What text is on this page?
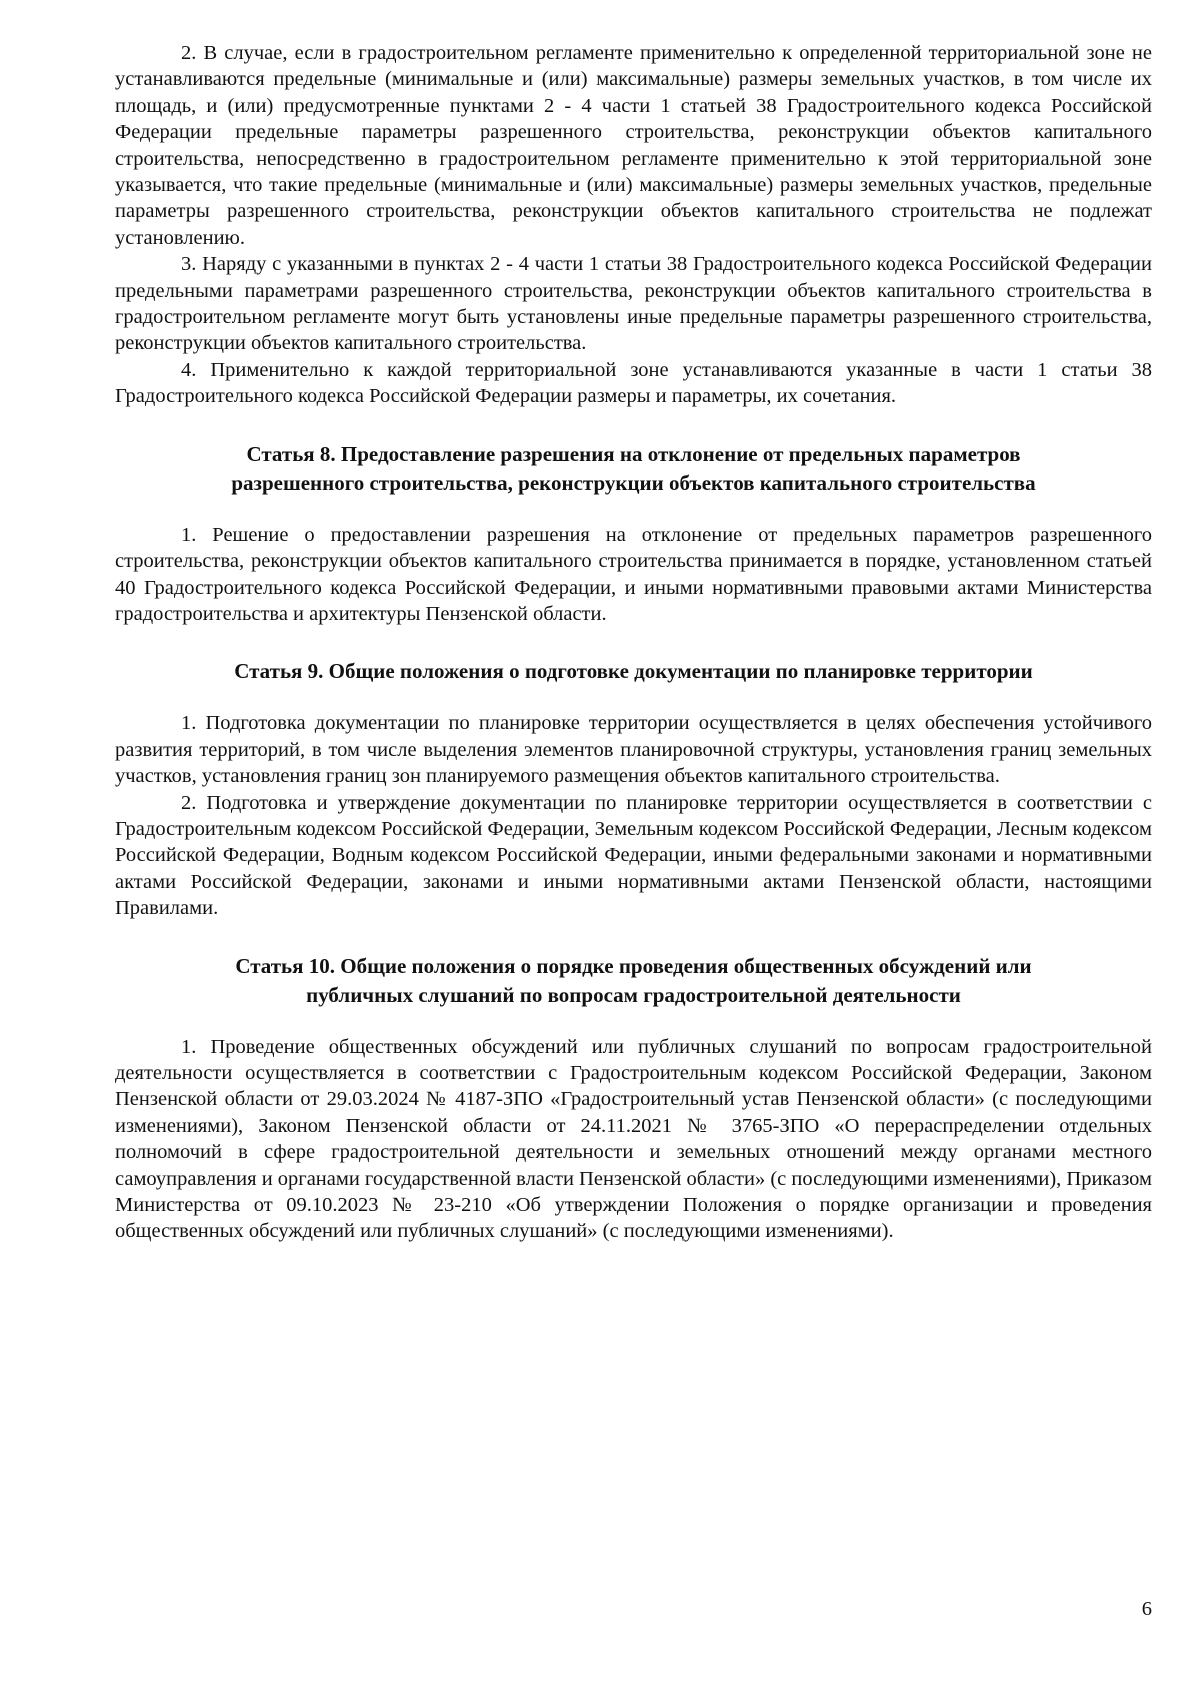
2. В случае, если в градостроительном регламенте применительно к определенной территориальной зоне не устанавливаются предельные (минимальные и (или) максимальные) размеры земельных участков, в том числе их площадь, и (или) предусмотренные пунктами 2 - 4 части 1 статьей 38 Градостроительного кодекса Российской Федерации предельные параметры разрешенного строительства, реконструкции объектов капитального строительства, непосредственно в градостроительном регламенте применительно к этой территориальной зоне указывается, что такие предельные (минимальные и (или) максимальные) размеры земельных участков, предельные параметры разрешенного строительства, реконструкции объектов капитального строительства не подлежат установлению.

3. Наряду с указанными в пунктах 2 - 4 части 1 статьи 38 Градостроительного кодекса Российской Федерации предельными параметрами разрешенного строительства, реконструкции объектов капитального строительства в градостроительном регламенте могут быть установлены иные предельные параметры разрешенного строительства, реконструкции объектов капитального строительства.

4. Применительно к каждой территориальной зоне устанавливаются указанные в части 1 статьи 38 Градостроительного кодекса Российской Федерации размеры и параметры, их сочетания.

Статья 8. Предоставление разрешения на отклонение от предельных параметров
разрешенного строительства, реконструкции объектов капитального строительства

1. Решение о предоставлении разрешения на отклонение от предельных параметров разрешенного строительства, реконструкции объектов капитального строительства принимается в порядке, установленном статьей 40 Градостроительного кодекса Российской Федерации, и иными нормативными правовыми актами Министерства градостроительства и архитектуры Пензенской области.

Статья 9. Общие положения о подготовке документации по планировке территории

1. Подготовка документации по планировке территории осуществляется в целях обеспечения устойчивого развития территорий, в том числе выделения элементов планировочной структуры, установления границ земельных участков, установления границ зон планируемого размещения объектов капитального строительства.

2. Подготовка и утверждение документации по планировке территории осуществляется в соответствии с Градостроительным кодексом Российской Федерации, Земельным кодексом Российской Федерации, Лесным кодексом Российской Федерации, Водным кодексом Российской Федерации, иными федеральными законами и нормативными актами Российской Федерации, законами и иными нормативными актами Пензенской области, настоящими Правилами.

Статья 10. Общие положения о порядке проведения общественных обсуждений или
публичных слушаний по вопросам градостроительной деятельности

1. Проведение общественных обсуждений или публичных слушаний по вопросам градостроительной деятельности осуществляется в соответствии с Градостроительным кодексом Российской Федерации, Законом Пензенской области от 29.03.2024 № 4187-ЗПО «Градостроительный устав Пензенской области» (с последующими изменениями), Законом Пензенской области от 24.11.2021 № 3765-ЗПО «О перераспределении отдельных полномочий в сфере градостроительной деятельности и земельных отношений между органами местного самоуправления и органами государственной власти Пензенской области» (с последующими изменениями), Приказом Министерства от 09.10.2023 № 23-210 «Об утверждении Положения о порядке организации и проведения общественных обсуждений или публичных слушаний» (с последующими изменениями).

6
